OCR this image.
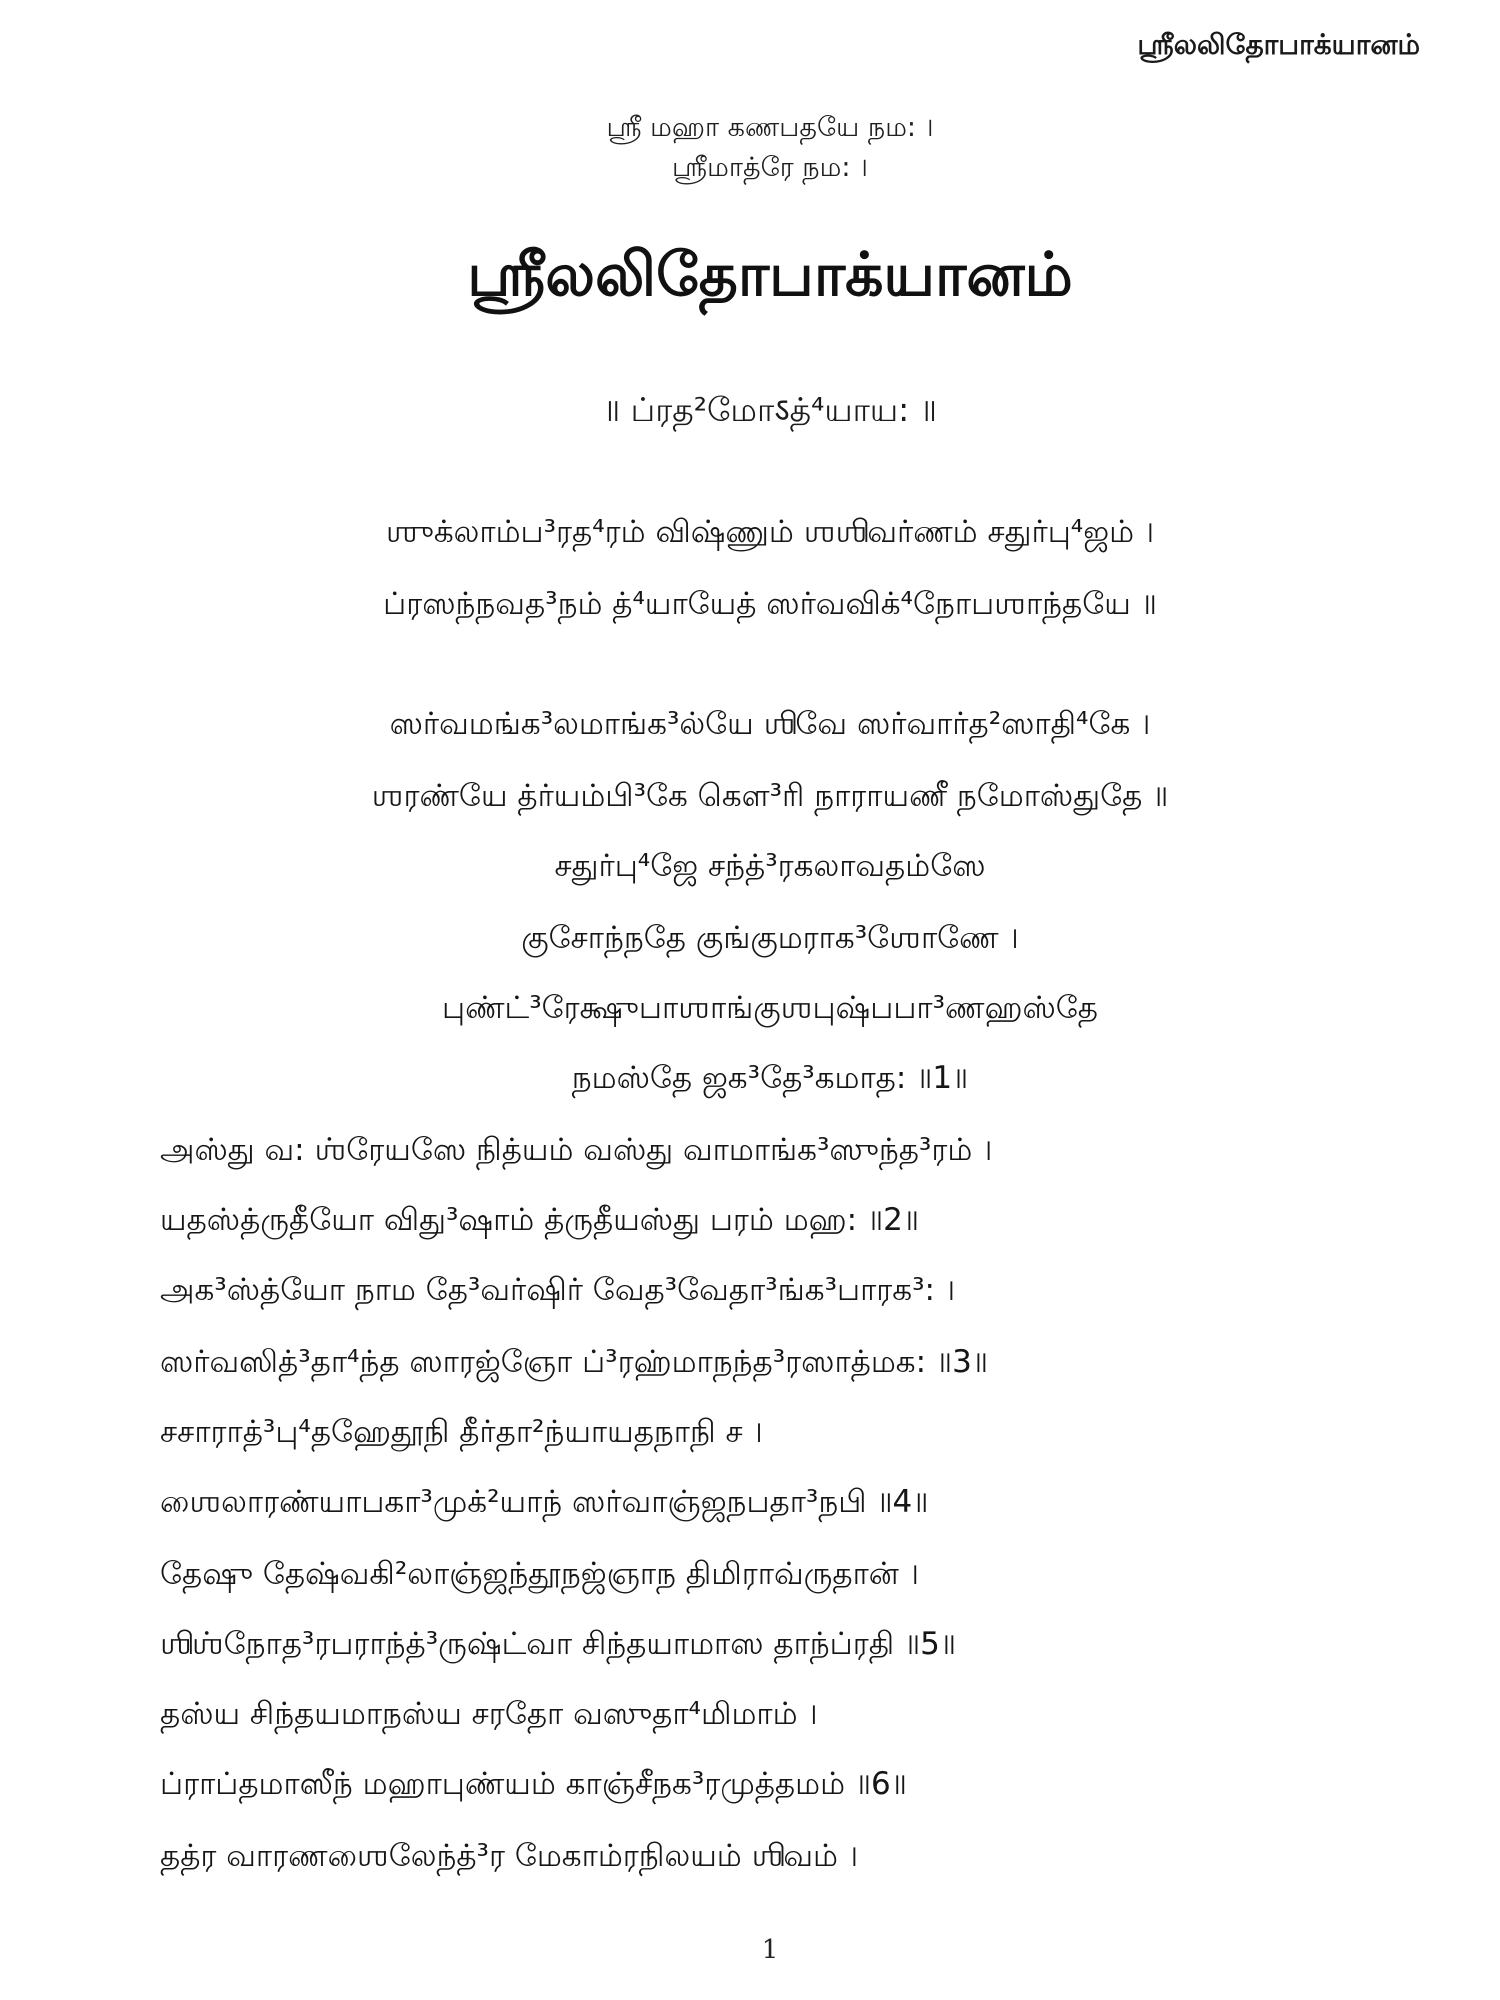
ஸ்ரீலலிதோபாக்யானம்
ஸ்ரீ மஹா கணபதயே நம: ।
ஸ்ரீமாத்ரே நம: ।
ஸ்ரீலலிதோபாக்யானம்
॥ ப்ரத²மோऽத்⁴யாய: ॥
ஶுக்லாம்ப³ரத⁴ரம் விஷ்ணும் ஶஶிவர்ணம் சதுர்பு⁴ஜம் ।
ப்ரஸந்நவத³நம் த்⁴யாயேத் ஸர்வவிக்⁴நோபஶாந்தயே ॥
ஸர்வமங்க³லமாங்க³ல்யே ஶிவே ஸர்வார்த²ஸாதி⁴கே ।
ஶரண்யே த்ர்யம்பி³கே கௌ³ரி நாராயணீ நமோஸ்துதே ॥
சதுர்பு⁴ஜே சந்த்³ரகலாவதம்ஸே
குசோந்நதே குங்குமராக³ஶோணே ।
புண்ட்³ரேக்ஷுபாஶாங்குஶபுஷ்பபா³ணஹஸ்தே
நமஸ்தே ஜக³தே³கமாத: ॥1॥
அஸ்து வ: ஶ்ரேயஸே நித்யம் வஸ்து வாமாங்க³ஸுந்த³ரம் ।
யதஸ்த்ருதீயோ விது³ஷாம் த்ருதீயஸ்து பரம் மஹ: ॥2॥
அக³ஸ்த்யோ நாம தே³வர்ஷிர் வேத³வேதா³ங்க³பாரக³: ।
ஸர்வஸித்³தா⁴ந்த ஸாரஜ்ஞோ ப்³ரஹ்மாநந்த³ரஸாத்மக: ॥3॥
சசாராத்³பு⁴தஹேதூநி தீர்தா²ந்யாயதநாநி ச ।
ஶைலாரண்யாபகா³முக்²யாந் ஸர்வாஞ்ஜநபதா³நபி ॥4॥
தேஷு தேஷ்வகி²லாஞ்ஜந்தூநஜ்ஞாந திமிராவ்ருதான் ।
ஶிஶ்நோத³ரபராந்த்³ருஷ்ட்வா சிந்தயாமாஸ தாந்ப்ரதி ॥5॥
தஸ்ய சிந்தயமாநஸ்ய சரதோ வஸுதா⁴மிமாம் ।
ப்ராப்தமாஸீந் மஹாபுண்யம் காஞ்சீநக³ரமுத்தமம் ॥6॥
தத்ர வாரணஶைலேந்த்³ர மேகாம்ரநிலயம் ஶிவம் ।
1
